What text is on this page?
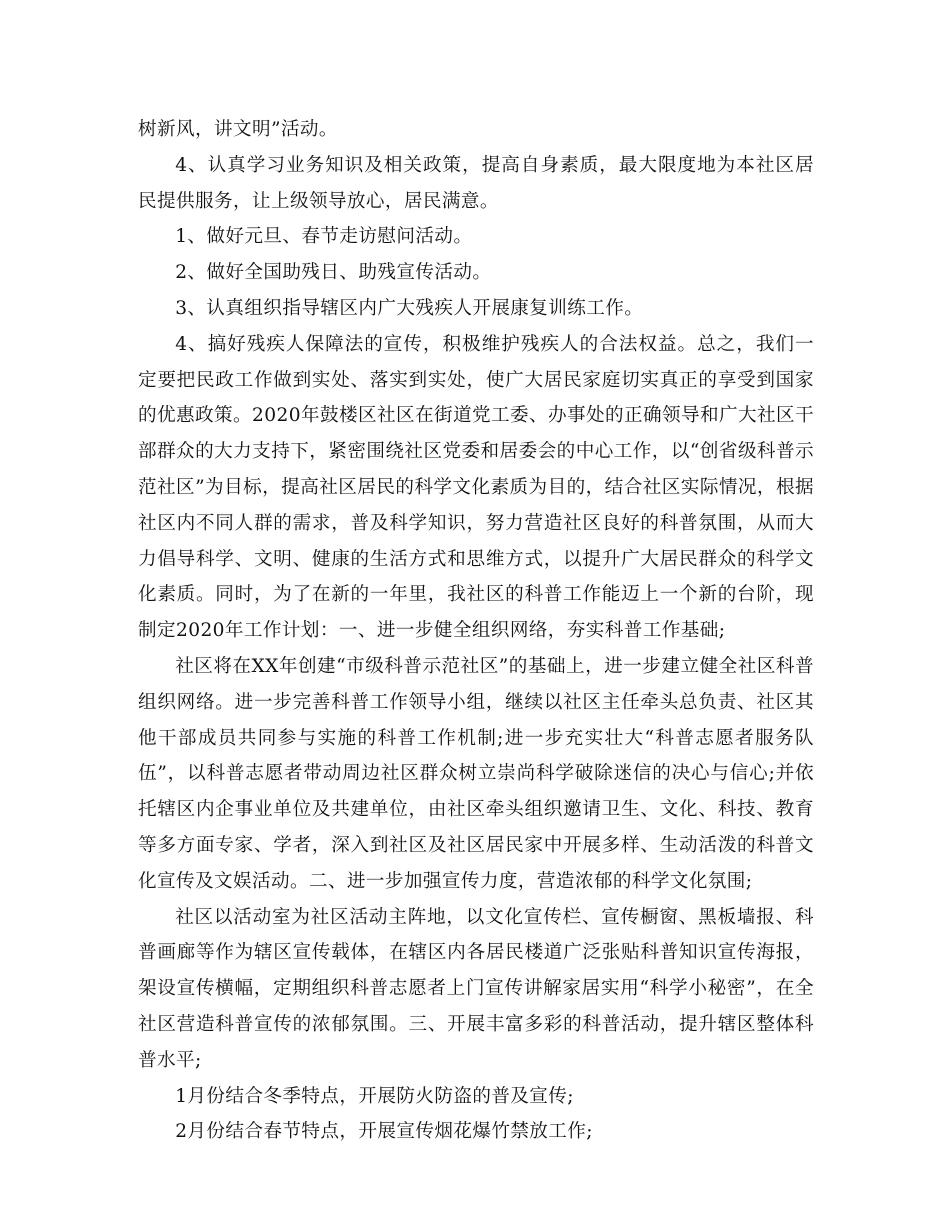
树新风，讲文明”活动。

4、认真学习业务知识及相关政策，提高自身素质，最大限度地为本社区居民提供服务，让上级领导放心，居民满意。

1、做好元旦、春节走访慰问活动。

2、做好全国助残日、助残宣传活动。

3、认真组织指导辖区内广大残疾人开展康复训练工作。

4、搞好残疾人保障法的宣传，积极维护残疾人的合法权益。总之，我们一定要把民政工作做到实处、落实到实处，使广大居民家庭切实真正的享受到国家的优惠政策。2020年鼓楼区社区在街道党工委、办事处的正确领导和广大社区干部群众的大力支持下，紧密围绕社区党委和居委会的中心工作，以“创省级科普示范社区”为目标，提高社区居民的科学文化素质为目的，结合社区实际情况，根据社区内不同人群的需求，普及科学知识，努力营造社区良好的科普氛围，从而大力倡导科学、文明、健康的生活方式和思维方式，以提升广大居民群众的科学文化素质。同时，为了在新的一年里，我社区的科普工作能迈上一个新的台阶，现制定2020年工作计划：一、进一步健全组织网络，夯实科普工作基础;

社区将在XX年创建“市级科普示范社区”的基础上，进一步建立健全社区科普组织网络。进一步完善科普工作领导小组，继续以社区主任牵头总负责、社区其他干部成员共同参与实施的科普工作机制;进一步充实壮大“科普志愿者服务队伍”，以科普志愿者带动周边社区群众树立崇尚科学破除迷信的决心与信心;并依托辖区内企事业单位及共建单位，由社区牵头组织邀请卫生、文化、科技、教育等多方面专家、学者，深入到社区及社区居民家中开展多样、生动活泼的科普文化宣传及文娱活动。二、进一步加强宣传力度，营造浓郁的科学文化氛围;

社区以活动室为社区活动主阵地，以文化宣传栏、宣传橱窗、黑板墙报、科普画廊等作为辖区宣传载体，在辖区内各居民楼道广泛张贴科普知识宣传海报，架设宣传横幅，定期组织科普志愿者上门宣传讲解家居实用“科学小秘密”，在全社区营造科普宣传的浓郁氛围。三、开展丰富多彩的科普活动，提升辖区整体科普水平;

1月份结合冬季特点，开展防火防盗的普及宣传;

2月份结合春节特点，开展宣传烟花爆竹禁放工作;
